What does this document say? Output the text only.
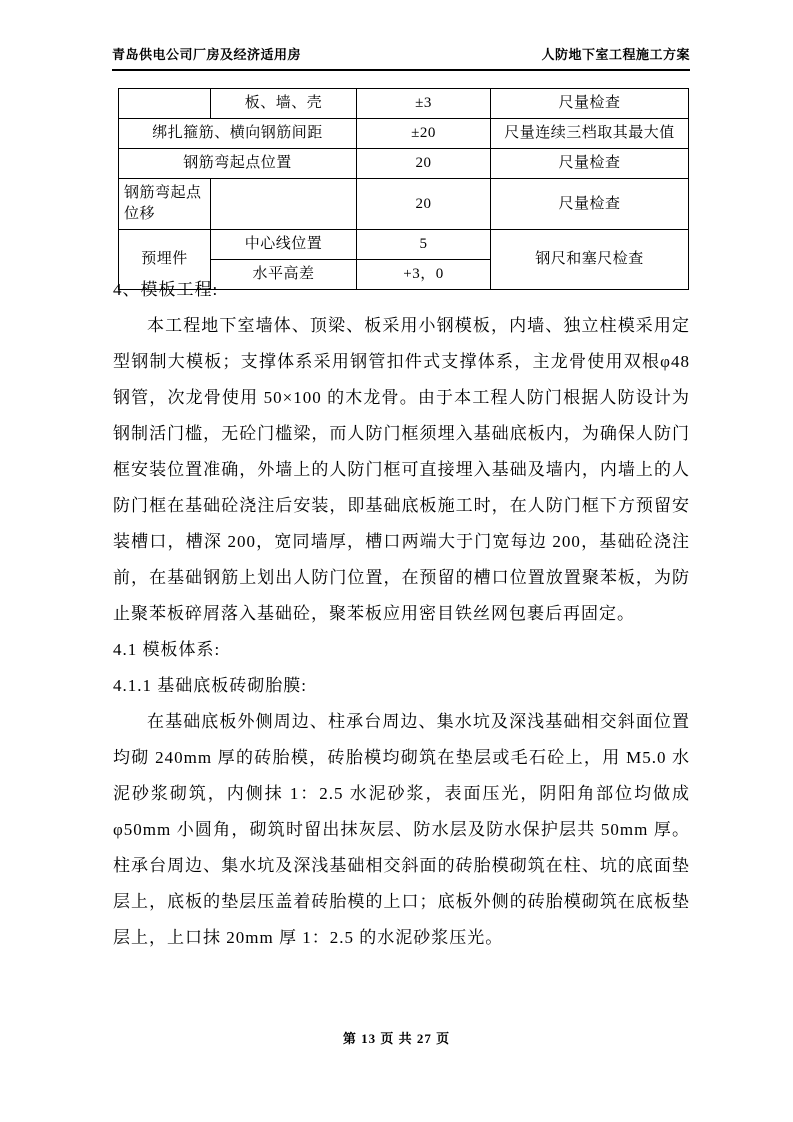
青岛供电公司厂房及经济适用房	人防地下室工程施工方案
	板、墙、壳	±3	尺量检查
绑扎箍筋、横向钢筋间距		±20	尺量连续三档取其最大值
钢筋弯起点位置		20	尺量检查
钢筋弯起点位移		20	尺量检查
预埋件	中心线位置	5	钢尺和塞尺检查
	水平高差	+3，0	
4、模板工程:

本工程地下室墙体、顶梁、板采用小钢模板，内墙、独立柱模采用定型钢制大模板；支撑体系采用钢管扣件式支撑体系，主龙骨使用双根φ48 钢管，次龙骨使用 50×100 的木龙骨。由于本工程人防门根据人防设计为钢制活门槛，无砼门槛梁，而人防门框须埋入基础底板内，为确保人防门框安装位置准确，外墙上的人防门框可直接埋入基础及墙内，内墙上的人防门框在基础砼浇注后安装，即基础底板施工时，在人防门框下方预留安装槽口，槽深 200，宽同墙厚，槽口两端大于门宽每边 200，基础砼浇注前，在基础钢筋上划出人防门位置，在预留的槽口位置放置聚苯板，为防止聚苯板碎屑落入基础砼，聚苯板应用密目铁丝网包裹后再固定。

4.1 模板体系:
4.1.1 基础底板砖砌胎膜:

在基础底板外侧周边、柱承台周边、集水坑及深浅基础相交斜面位置均砌 240mm 厚的砖胎模，砖胎模均砌筑在垫层或毛石砼上，用 M5.0 水泥砂浆砌筑，内侧抹 1：2.5 水泥砂浆，表面压光，阴阳角部位均做成φ50mm 小圆角，砌筑时留出抹灰层、防水层及防水保护层共 50mm 厚。柱承台周边、集水坑及深浅基础相交斜面的砖胎模砌筑在柱、坑的底面垫层上，底板的垫层压盖着砖胎模的上口；底板外侧的砖胎模砌筑在底板垫层上，上口抹 20mm 厚 1：2.5 的水泥砂浆压光。

第 13 页 共 27 页
